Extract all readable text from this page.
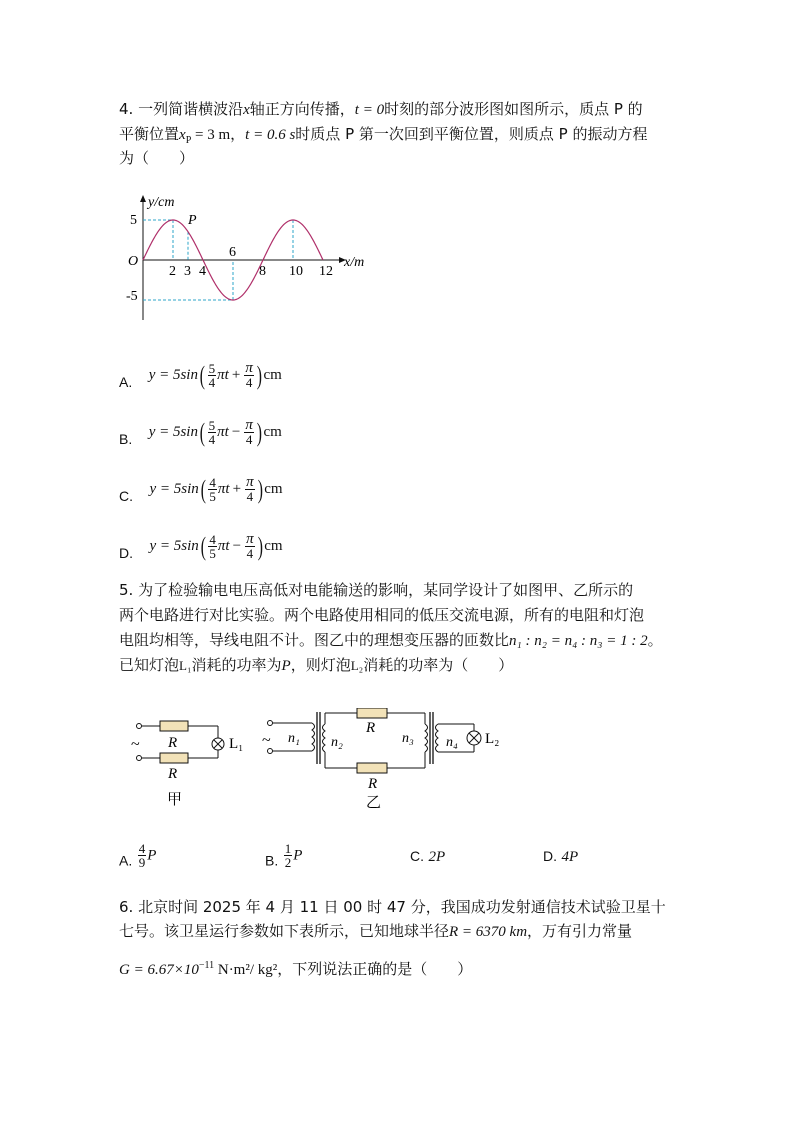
4. 一列简谐横波沿x轴正方向传播，t = 0时刻的部分波形图如图所示，质点 P 的
平衡位置$x_P = 3$ m，t = 0.6 s时质点 P 第一次回到平衡位置，则质点 P 的振动方程
为（　　）
y/cm
x/m
O
5
-5
P
2 3 4
6
8 10 12
A. y = 5sin ( $\frac{5}{4}$ $\pi t + \frac{\pi}{4}$ ) cm
B. y = 5sin ( $\frac{5}{4}$ $\pi t - \frac{\pi}{4}$ ) cm
C. y = 5sin ( $\frac{4}{5}$ $\pi t + \frac{\pi}{4}$ ) cm
D. y = 5sin ( $\frac{4}{5}$ $\pi t - \frac{\pi}{4}$ ) cm
5. 为了检验输电电压高低对电能输送的影响，某同学设计了如图甲、乙所示的
两个电路进行对比实验。两个电路使用相同的低压交流电源，所有的电阻和灯泡
电阻均相等，导线电阻不计。图乙中的理想变压器的匝数比n₁ : n₂ = n₄ : n₃ = 1 : 2。
已知灯泡L₁消耗的功率为P，则灯泡L₂消耗的功率为（　　）
~ R
R
L₁
甲
~ n₁ n₂	n₃ n₄
R
R
L₂
乙
A. $\frac{4}{9}$ P	B. $\frac{1}{2}$ P	C. 2P	D. 4P
6. 北京时间 2025 年 4 月 11 日 00 时 47 分，我国成功发射通信技术试验卫星十
七号。该卫星运行参数如下表所示，已知地球半径R = 6370 km，万有引力常量
$G = 6.67\times 10^{-11}$ N·m²/ kg²，下列说法正确的是（　　）
